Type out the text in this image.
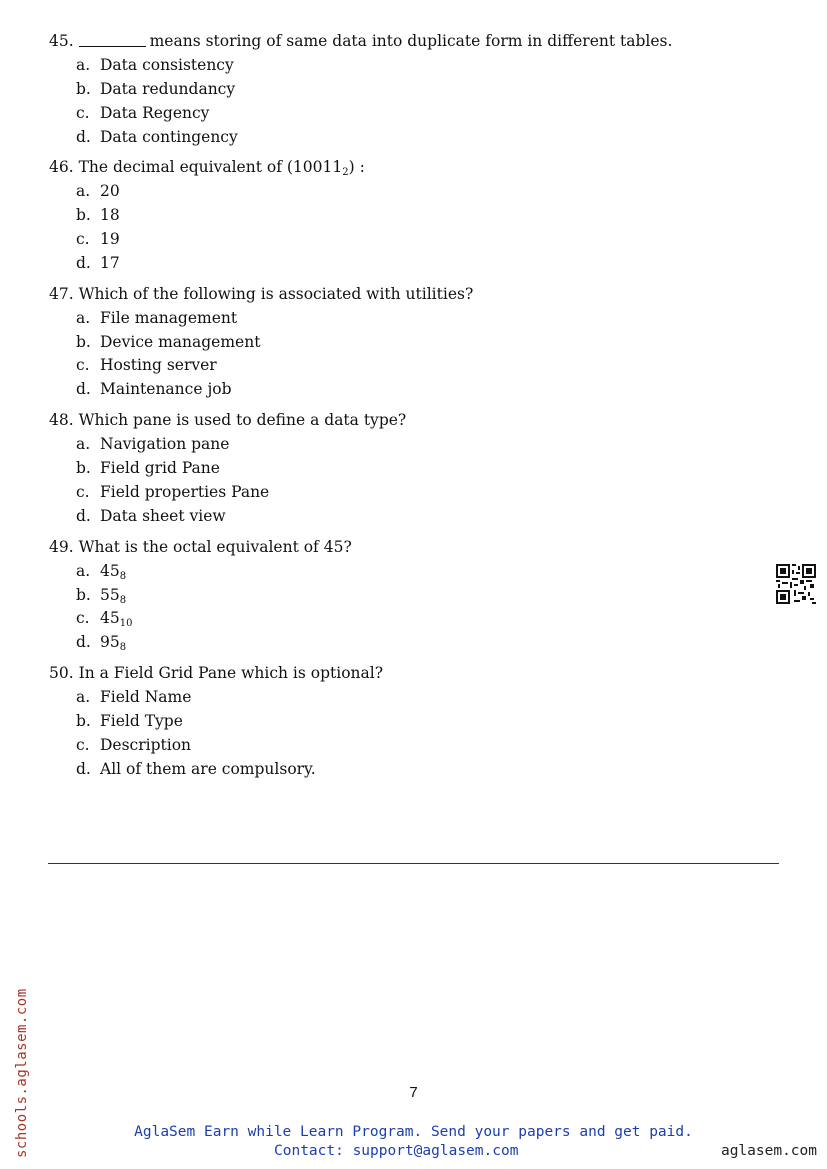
45.	means storing of same data into duplicate form in different tables.
a. Data consistency
b. Data redundancy
c. Data Regency
d. Data contingency
46. The decimal equivalent of $(10011_2)$ :
a. 20
b. 18
c. 19
d. 17
47. Which of the following is associated with utilities?
a. File management
b. Device management
c. Hosting server
d. Maintenance job
48. Which pane is used to define a data type?
a. Navigation pane
b. Field grid Pane
c. Field properties Pane
d. Data sheet view
49. What is the octal equivalent of 45?
a. $45_8$
b. $55_8$
c. $45_{10}$
d. $95_8$
50. In a Field Grid Pane which is optional?
a. Field Name
b. Field Type
c. Description
d. All of them are compulsory.
7
AglaSem Earn while Learn Program. Send your papers and get paid.
Contact: support@aglasem.com	aglasem.com
schools.aglasem.com
